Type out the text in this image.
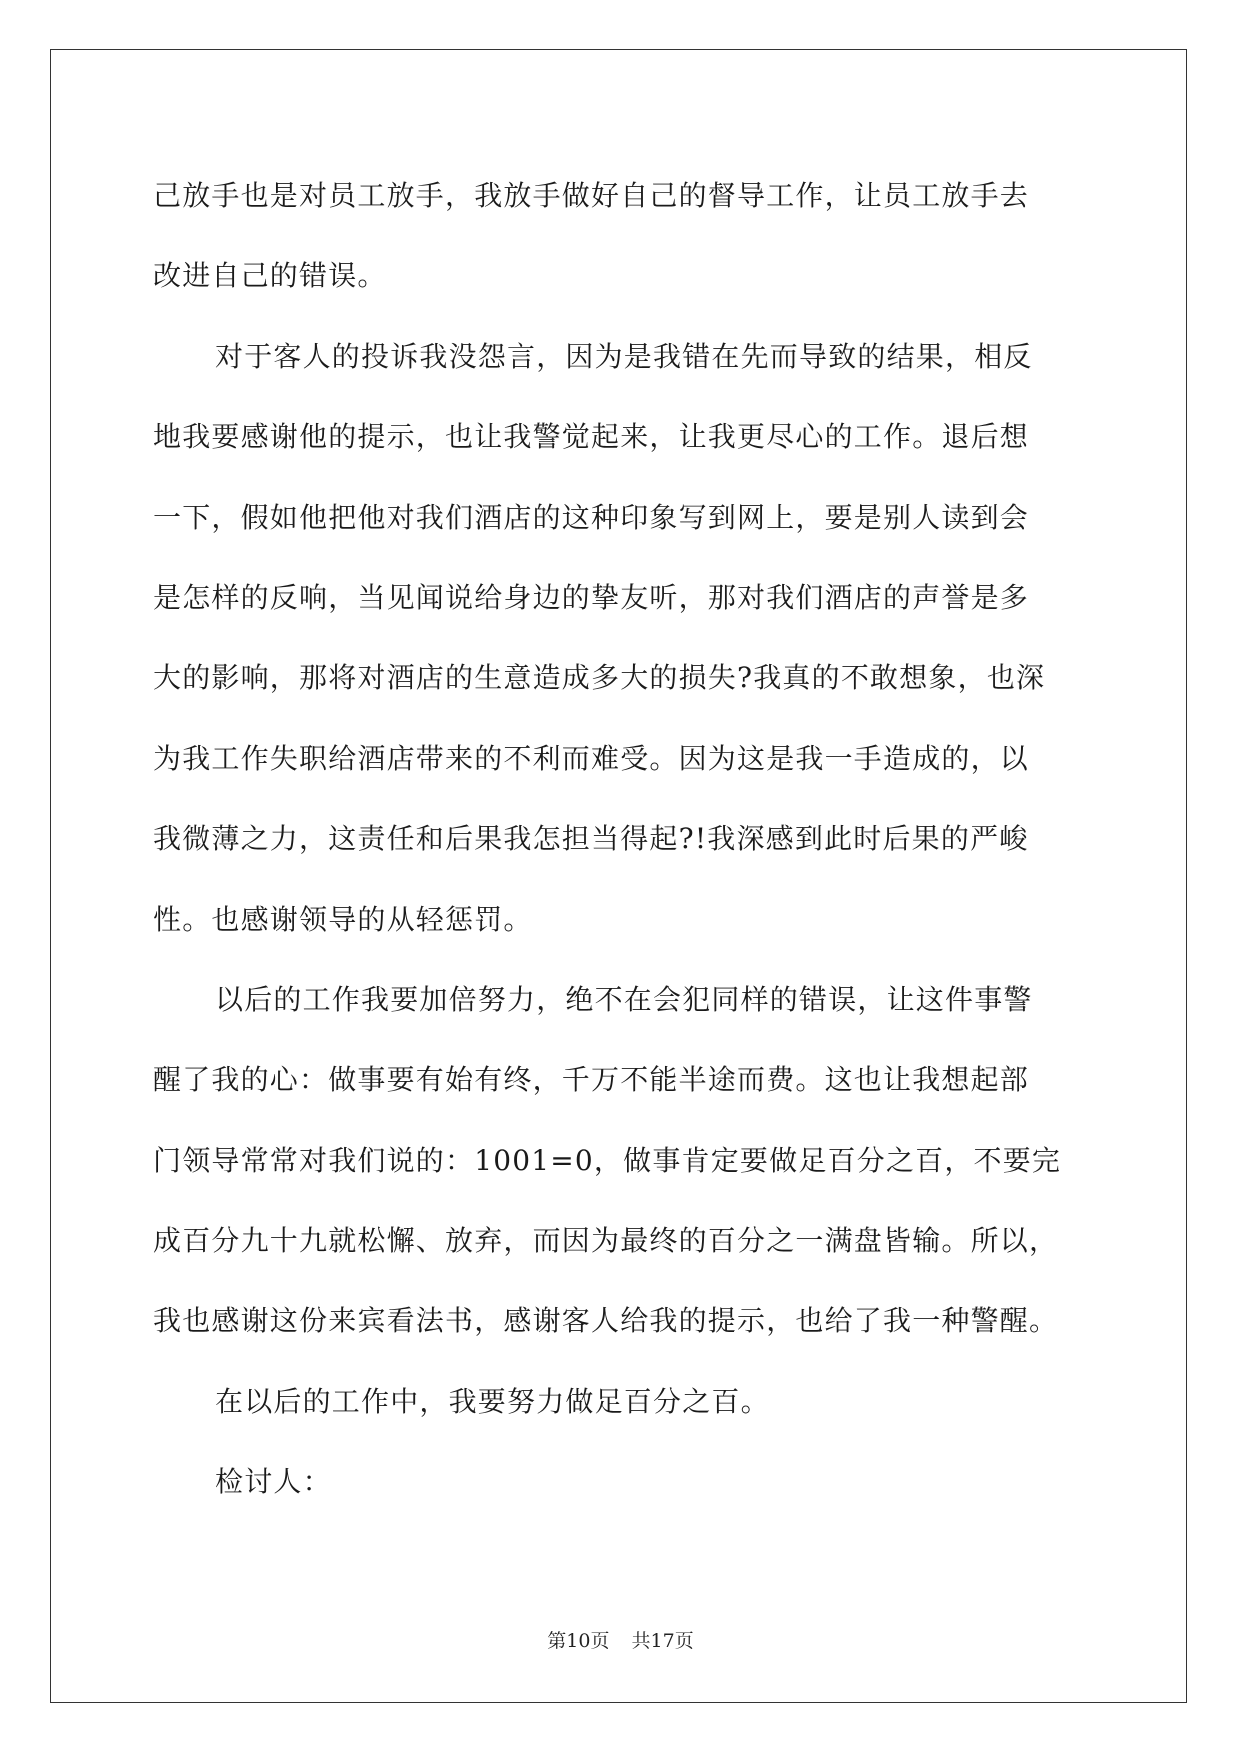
己放手也是对员工放手，我放手做好自己的督导工作，让员工放手去
改进自己的错误。
对于客人的投诉我没怨言，因为是我错在先而导致的结果，相反
地我要感谢他的提示，也让我警觉起来，让我更尽心的工作。退后想
一下，假如他把他对我们酒店的这种印象写到网上，要是别人读到会
是怎样的反响，当见闻说给身边的挚友听，那对我们酒店的声誉是多
大的影响，那将对酒店的生意造成多大的损失?我真的不敢想象，也深
为我工作失职给酒店带来的不利而难受。因为这是我一手造成的，以
我微薄之力，这责任和后果我怎担当得起?!我深感到此时后果的严峻
性。也感谢领导的从轻惩罚。
以后的工作我要加倍努力，绝不在会犯同样的错误，让这件事警
醒了我的心：做事要有始有终，千万不能半途而费。这也让我想起部
门领导常常对我们说的：1001=0，做事肯定要做足百分之百，不要完
成百分九十九就松懈、放弃，而因为最终的百分之一满盘皆输。所以，
我也感谢这份来宾看法书，感谢客人给我的提示，也给了我一种警醒。
在以后的工作中，我要努力做足百分之百。
检讨人：
第10页 共17页
